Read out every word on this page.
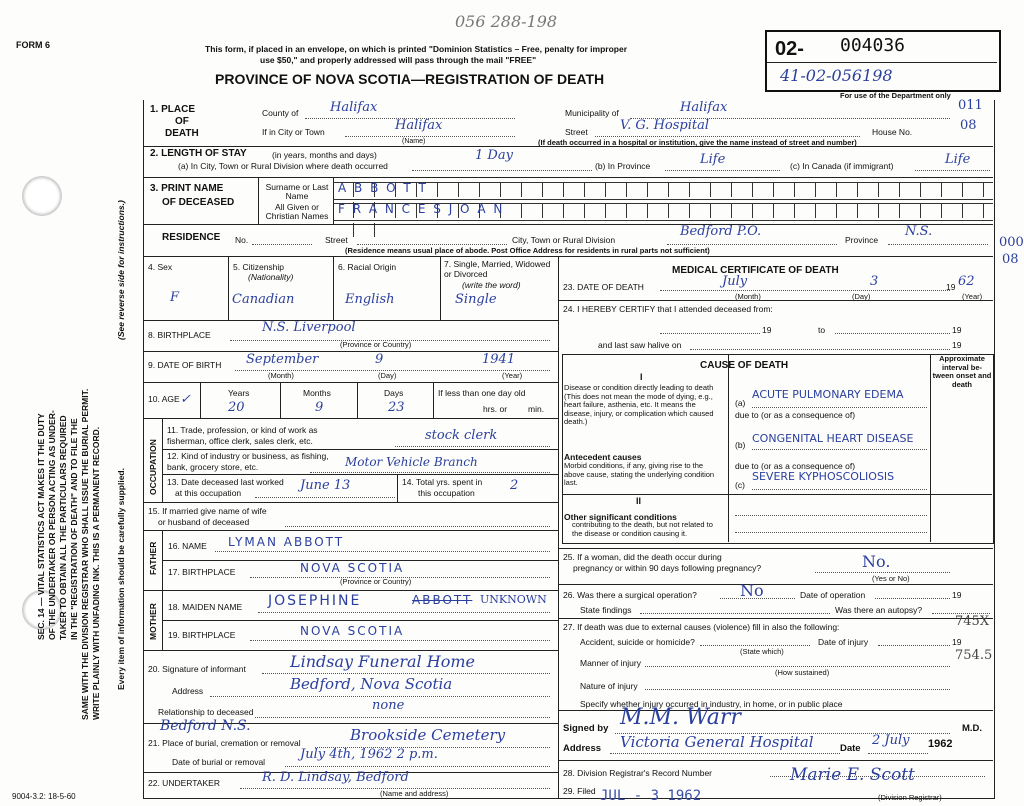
FORM 6
056 288-198
This form, if placed in an envelope, on which is printed "Dominion Statistics – Free, penalty for improper
use $50," and properly addressed will pass through the mail "FREE"
PROVINCE OF NOVA SCOTIA—REGISTRATION OF DEATH
02- 004036
41-02-056198
For use of the Department only
SEC. 14 — VITAL STATISTICS ACT MAKES IT THE DUTY OF THE UNDERTAKER OR PERSON ACTING AS UNDER- TAKER TO OBTAIN ALL THE PARTICULARS REQUIRED IN THE "REGISTRATION OF DEATH" AND TO FILE THE SAME WITH THE DIVISION REGISTRAR WHO SHALL ISSUE THE BURIAL PERMIT. WRITE PLAINLY WITH UNFADING INK. THIS IS A PERMANENT RECORD.
(See reverse side for instructions.)
Every item of information should be carefully supplied.
1. PLACE
OF
DEATH
County of Halifax	Municipality of	Halifax	011
If in City or Town	Halifax
(Name)
Street V. G. Hospital	House No.	08
(If death occurred in a hospital or institution, give the name instead of street and number)
2. LENGTH OF STAY	(in years, months and days)
(a) In City, Town or Rural Division where death occurred
1 Day
(b) In Province	Life	(c) In Canada (if immigrant)	Life
3. PRINT NAME
OF DECEASED
Surname or Last Name
All Given or Christian Names
A B B O T T
F R A N C E S J O A N
RESIDENCE No.	Street	City, Town or Rural Division
Bedford P.O.
Province
N.S.
000
08
(Residence means usual place of abode. Post Office Address for residents in rural parts not sufficient)
4. Sex
F
5. Citizenship
(Nationality)
Canadian
6. Racial Origin
English
7. Single, Married, Widowed or Divorced
(write the word)
Single
8. BIRTHPLACE	N.S. Liverpool
(Province or Country)
9. DATE OF BIRTH September	9	1941
(Month)	(Day)	(Year)
10. AGE ✓	Years	Months	Days	If less than one day old
20	9	23	hrs. or min.
OCCUPATION
11. Trade, profession, or kind of work as
fisherman, office clerk, sales clerk, etc.	stock clerk
12. Kind of industry or business, as fishing,
bank, grocery store, etc.	Motor Vehicle Branch
13. Date deceased last worked
at this occupation	June 13	14. Total yrs. spent in
this occupation	2
15. If married give name of wife
or husband of deceased
FATHER 16. NAME LYMAN ABBOTT
17. BIRTHPLACE	NOVA SCOTIA
(Province or Country)
MOTHER 18. MAIDEN NAME JOSEPHINE	ABBOTT UNKNOWN
19. BIRTHPLACE	NOVA SCOTIA
20. Signature of informant	Lindsay Funeral Home
Address	Bedford, Nova Scotia
Relationship to deceased	none
Bedford N.S.
21. Place of burial, cremation or removal	Brookside Cemetery
Date of burial or removal	July 4th, 1962 2 p.m.
22. UNDERTAKER	R. D. Lindsay, Bedford
(Name and address)
9004-3.2: 18-5-60
MEDICAL CERTIFICATE OF DEATH
23. DATE OF DEATH	July	3	19 62
(Month)	(Day)	(Year)
24. I HEREBY CERTIFY that I attended deceased from:
19	to	19
and last saw h alive on	19
CAUSE OF DEATH
Approximate interval be-tween onset and death
I
Disease or condition directly leading to death (This does not mean the mode of dying, e.g., heart failure, asthenia, etc. It means the disease, injury, or complication which caused death.)
(a)
ACUTE PULMONARY EDEMA
due to (or as a consequence of)
Antecedent causes
Morbid conditions, if any, giving rise to the above cause, stating the underlying condition last.
(b) CONGENITAL HEART DISEASE
due to (or as a consequence of)
(c)
SEVERE KYPHOSCOLIOSIS
II
Other significant conditions
contributing to the death, but not related to the disease or condition causing it.
25. If a woman, did the death occur during
pregnancy or within 90 days following pregnancy?	No.
(Yes or No)
26. Was there a surgical operation?	No	Date of operation	19
State findings	Was there an autopsy?
27. If death was due to external causes (violence) fill in also the following:	745X
Accident, suicide or homicide?
(State which)
Date of injury	19
754.5
Manner of injury
(How sustained)
Nature of injury
Specify whether injury occurred in industry, in home, or in public place
Signed by M.M. Warr	M.D.
Address Victoria General Hospital	Date
2 July 1962
28. Division Registrar's Record Number
29. Filed JUL - 3 1962
Marie E. Scott
(Division Registrar)
